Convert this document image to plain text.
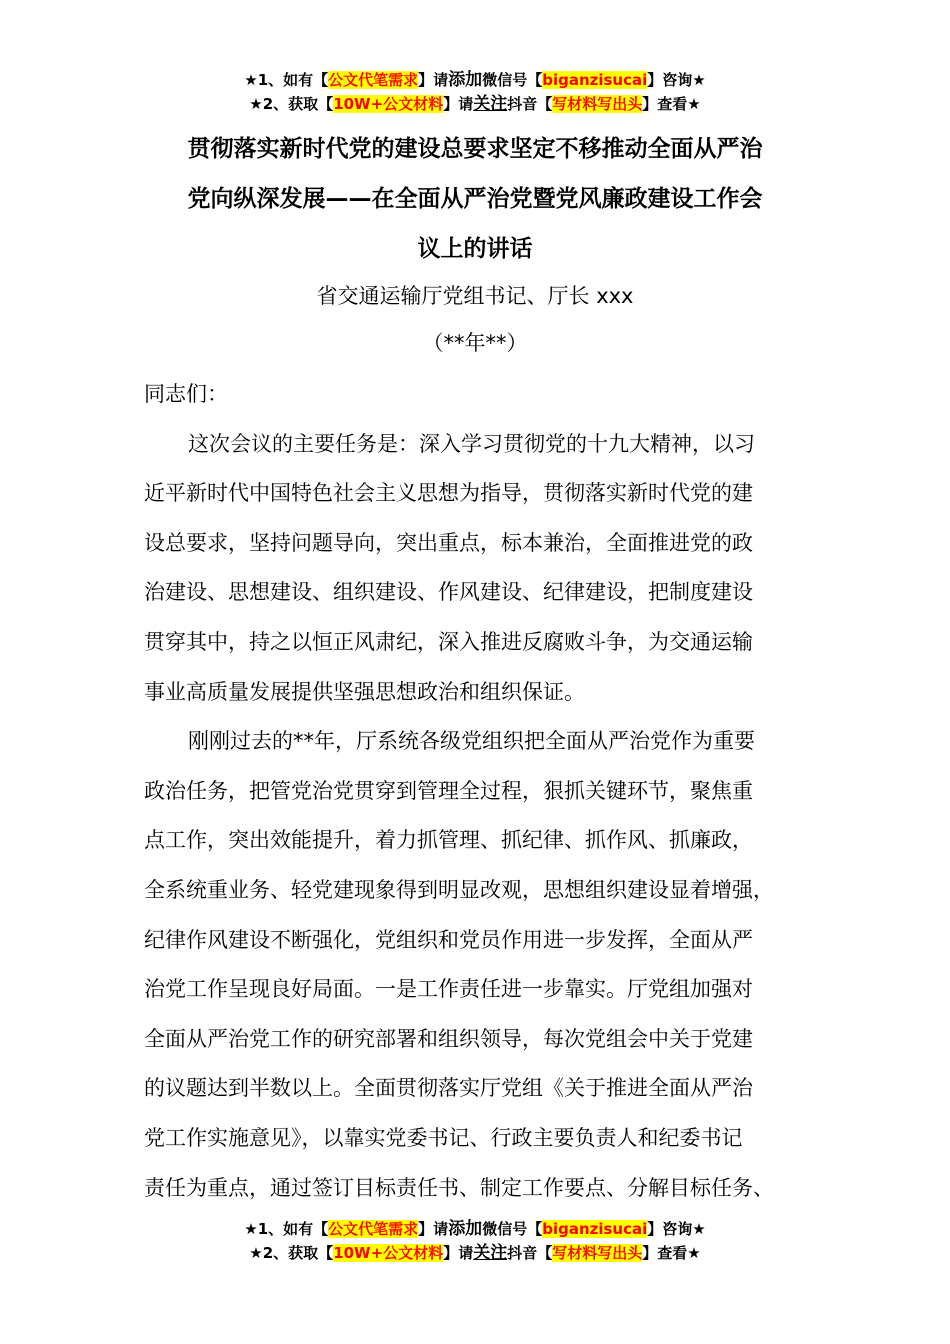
★1、如有【公文代笔需求】请添加微信号【biganzisucai】咨询★
★2、获取【10W+公文材料】请关注抖音【写材料写出头】查看★
贯彻落实新时代党的建设总要求坚定不移推动全面从严治
党向纵深发展——在全面从严治党暨党风廉政建设工作会
议上的讲话
省交通运输厅党组书记、厅长 xxx
（**年**）

同志们：

这次会议的主要任务是：深入学习贯彻党的十九大精神，以习

近平新时代中国特色社会主义思想为指导，贯彻落实新时代党的建

设总要求，坚持问题导向，突出重点，标本兼治，全面推进党的政

治建设、思想建设、组织建设、作风建设、纪律建设，把制度建设

贯穿其中，持之以恒正风肃纪，深入推进反腐败斗争，为交通运输

事业高质量发展提供坚强思想政治和组织保证。

刚刚过去的**年，厅系统各级党组织把全面从严治党作为重要

政治任务，把管党治党贯穿到管理全过程，狠抓关键环节，聚焦重

点工作，突出效能提升，着力抓管理、抓纪律、抓作风、抓廉政，

全系统重业务、轻党建现象得到明显改观，思想组织建设显着增强，

纪律作风建设不断强化，党组织和党员作用进一步发挥，全面从严

治党工作呈现良好局面。一是工作责任进一步靠实。厅党组加强对

全面从严治党工作的研究部署和组织领导，每次党组会中关于党建

的议题达到半数以上。全面贯彻落实厅党组《关于推进全面从严治

党工作实施意见》，以靠实党委书记、行政主要负责人和纪委书记

责任为重点，通过签订目标责任书、制定工作要点、分解目标任务、

★1、如有【公文代笔需求】请添加微信号【biganzisucai】咨询★
★2、获取【10W+公文材料】请关注抖音【写材料写出头】查看★
